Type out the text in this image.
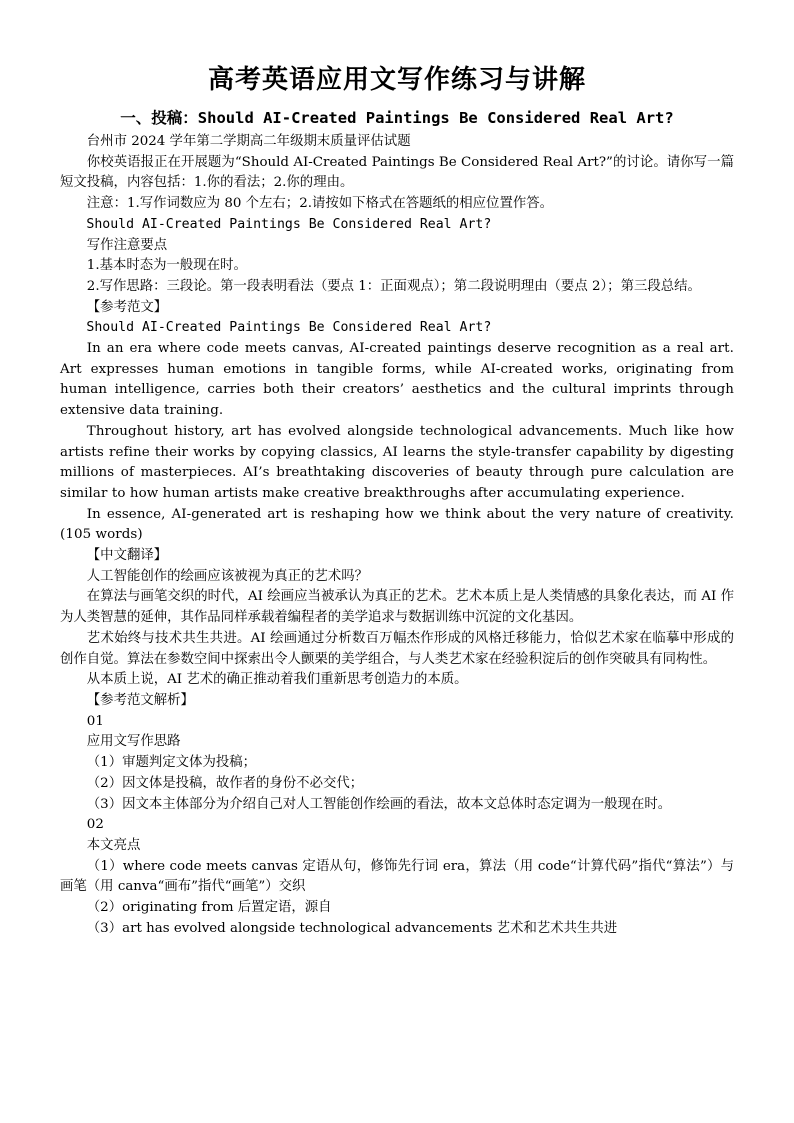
高考英语应用文写作练习与讲解
一、投稿：Should AI-Created Paintings Be Considered Real Art?

台州市 2024 学年第二学期高二年级期末质量评估试题

你校英语报正在开展题为“Should AI-Created Paintings Be Considered Real Art?”的讨论。请你写一篇短文投稿，内容包括：1.你的看法；2.你的理由。

注意：1.写作词数应为 80 个左右；2.请按如下格式在答题纸的相应位置作答。

Should AI-Created Paintings Be Considered Real Art?

写作注意要点

1.基本时态为一般现在时。

2.写作思路：三段论。第一段表明看法（要点 1：正面观点）；第二段说明理由（要点 2）；第三段总结。

【参考范文】

Should AI-Created Paintings Be Considered Real Art?

In an era where code meets canvas, AI-created paintings deserve recognition as a real art. Art expresses human emotions in tangible forms, while AI-created works, originating from human intelligence, carries both their creators’ aesthetics and the cultural imprints through extensive data training.

Throughout history, art has evolved alongside technological advancements. Much like how artists refine their works by copying classics, AI learns the style-transfer capability by digesting millions of masterpieces. AI’s breathtaking discoveries of beauty through pure calculation are similar to how human artists make creative breakthroughs after accumulating experience.

In essence, AI-generated art is reshaping how we think about the very nature of creativity. (105 words)

【中文翻译】

人工智能创作的绘画应该被视为真正的艺术吗？

在算法与画笔交织的时代，AI 绘画应当被承认为真正的艺术。艺术本质上是人类情感的具象化表达，而 AI 作为人类智慧的延伸，其作品同样承载着编程者的美学追求与数据训练中沉淀的文化基因。

艺术始终与技术共生共进。AI 绘画通过分析数百万幅杰作形成的风格迁移能力，恰似艺术家在临摹中形成的创作自觉。算法在参数空间中探索出令人颤栗的美学组合，与人类艺术家在经验积淀后的创作突破具有同构性。

从本质上说，AI 艺术的确正推动着我们重新思考创造力的本质。

【参考范文解析】

01

应用文写作思路

（1）审题判定文体为投稿；

（2）因文体是投稿，故作者的身份不必交代；

（3）因文本主体部分为介绍自己对人工智能创作绘画的看法，故本文总体时态定调为一般现在时。

02

本文亮点

（1）where code meets canvas 定语从句，修饰先行词 era，算法（用 code“计算代码”指代“算法”）与画笔（用 canva“画布”指代“画笔”）交织

（2）originating from 后置定语，源自

（3）art has evolved alongside technological advancements 艺术和艺术共生共进
